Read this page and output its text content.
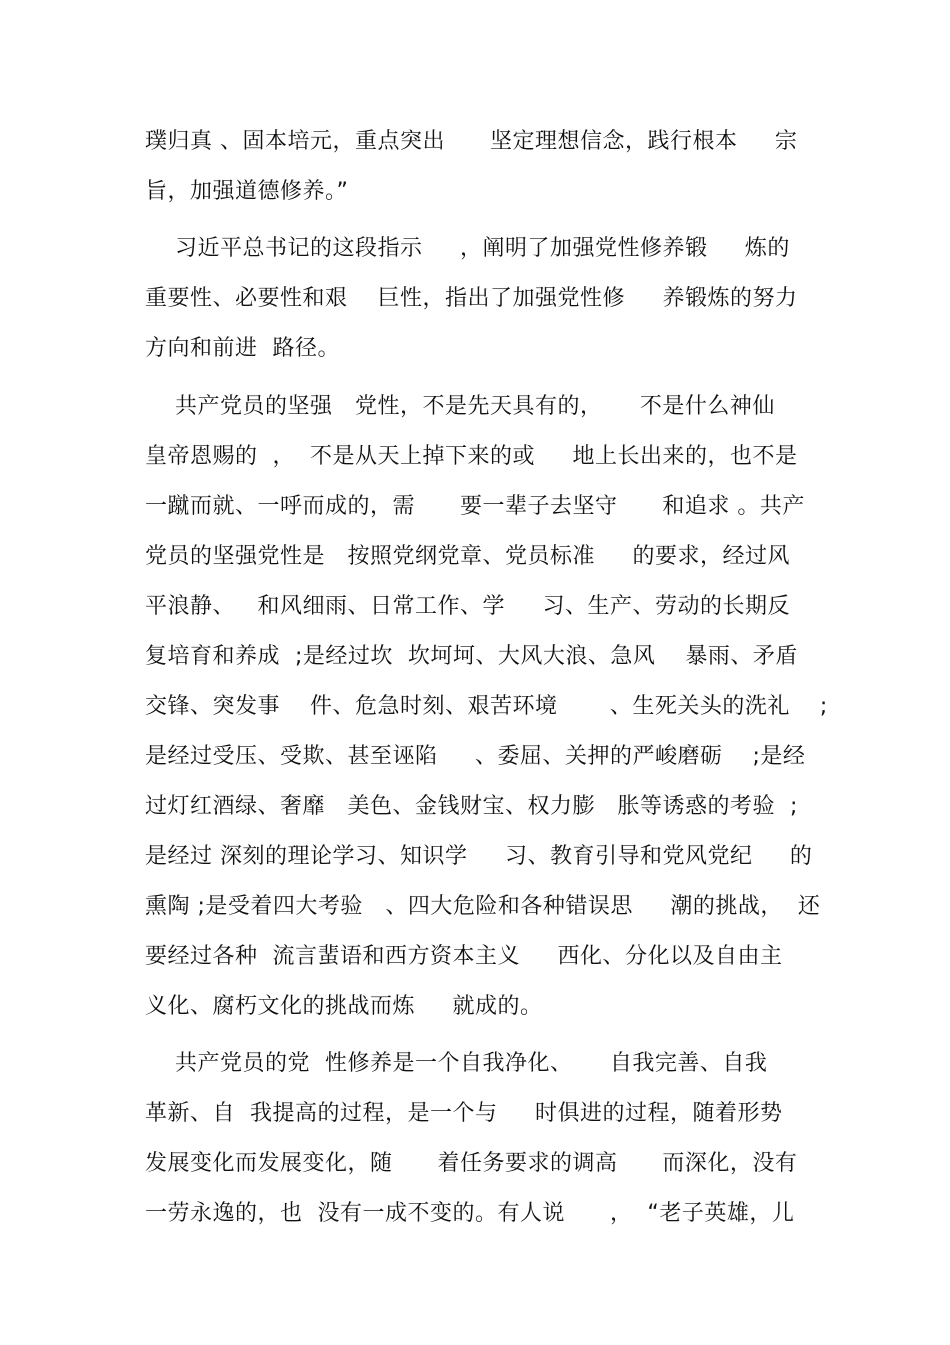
璞归真 、固本培元，重点突出      坚定理想信念，践行根本     宗
旨，加强道德修养。”
习近平总书记的这段指示     ，阐明了加强党性修养锻     炼的
重要性、必要性和艰    巨性，指出了加强党性修     养锻炼的努力
方向和前进  路径。
共产党员的坚强   党性，不是先天具有的，     不是什么神仙
皇帝恩赐的  ，  不是从天上掉下来的或     地上长出来的，也不是
一蹴而就、一呼而成的，需      要一辈子去坚守      和追求 。共产
党员的坚强党性是   按照党纲党章、党员标准     的要求，经过风
平浪静、   和风细雨、日常工作、学     习、生产、劳动的长期反
复培育和养成  ;是经过坎  坎坷坷、大风大浪、急风    暴雨、矛盾
交锋、突发事    件、危急时刻、艰苦环境       、生死关头的洗礼    ;
是经过受压、受欺、甚至诬陷     、委屈、关押的严峻磨砺    ;是经
过灯红酒绿、奢靡   美色、金钱财宝、权力膨   胀等诱惑的考验  ;
是经过 深刻的理论学习、知识学     习、教育引导和党风党纪     的
熏陶 ;是受着四大考验   、四大危险和各种错误思     潮的挑战，  还
要经过各种  流言蜚语和西方资本主义     西化、分化以及自由主
义化、腐朽文化的挑战而炼     就成的。
共产党员的党  性修养是一个自我净化、     自我完善、自我
革新、自  我提高的过程，是一个与     时俱进的过程，随着形势
发展变化而发展变化，随      着任务要求的调高      而深化，没有
一劳永逸的，也  没有一成不变的。有人说      ，  “老子英雄，儿
